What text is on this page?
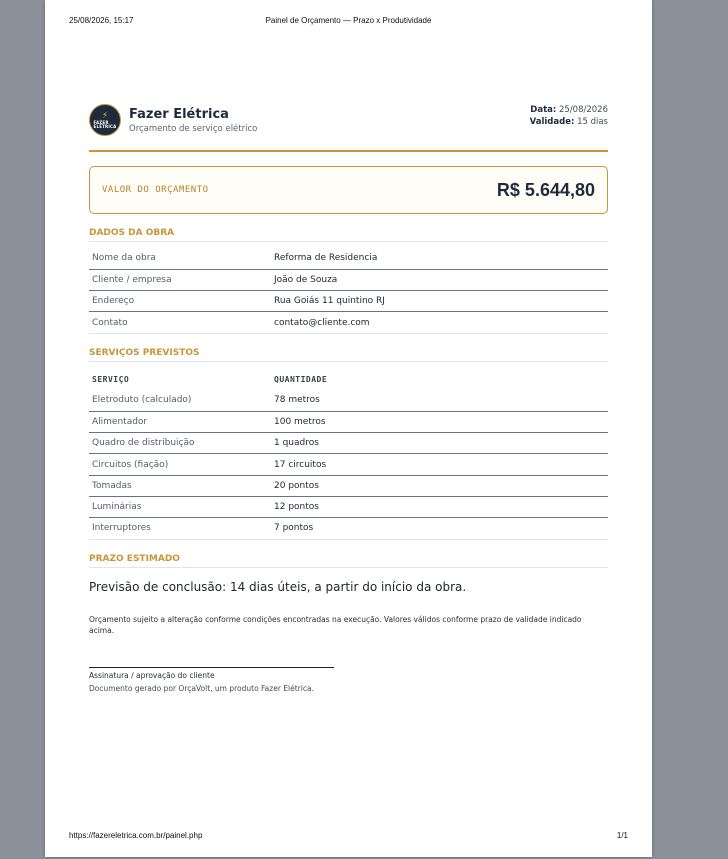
25/08/2026, 15:17	Painel de Orçamento — Prazo x Produtividade
⚡
FAZER
ELÉTRICA
Fazer Elétrica
Orçamento de serviço elétrico
Data: 25/08/2026
Validade: 15 dias
VALOR DO ORÇAMENTO	R$ 5.644,80
DADOS DA OBRA
Nome da obra	Reforma de Residencia
Cliente / empresa	João de Souza
Endereço	Rua Goiás 11 quintino RJ
Contato	contato@cliente.com
SERVIÇOS PREVISTOS
SERVIÇO	QUANTIDADE
Eletroduto (calculado)	78 metros
Alimentador	100 metros
Quadro de distribuição	1 quadros
Circuitos (fiação)	17 circuitos
Tomadas	20 pontos
Luminárias	12 pontos
Interruptores	7 pontos
PRAZO ESTIMADO
Previsão de conclusão: 14 dias úteis, a partir do início da obra.
Orçamento sujeito a alteração conforme condições encontradas na execução. Valores válidos conforme prazo de validade indicado acima.
Assinatura / aprovação do cliente
Documento gerado por OrçaVolt, um produto Fazer Elétrica.
https://fazereletrica.com.br/painel.php	1/1
